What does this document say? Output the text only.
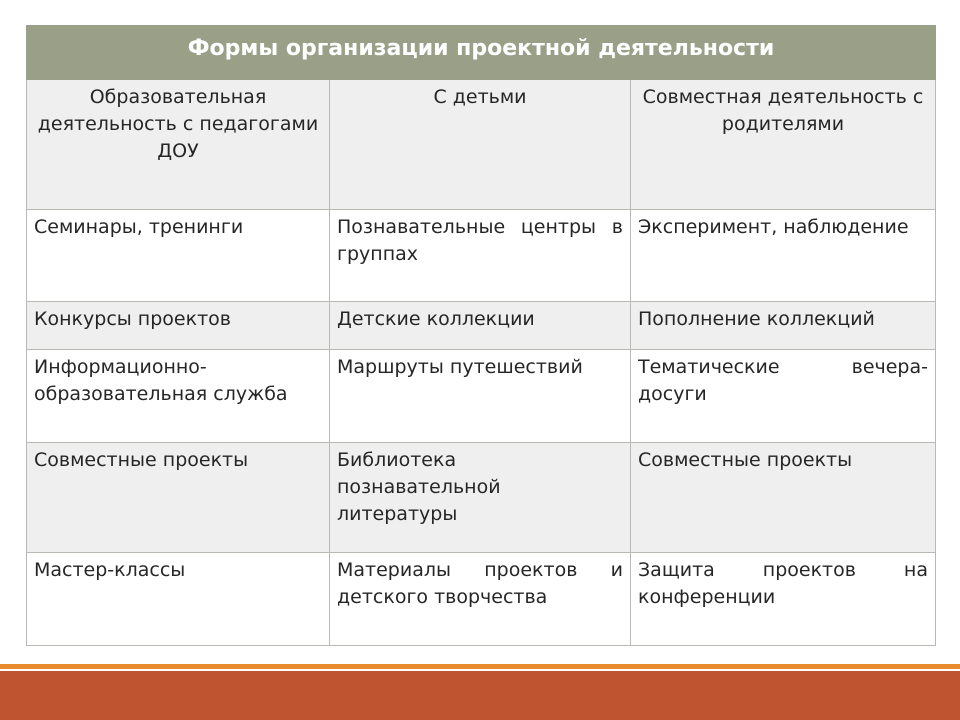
Формы организации проектной деятельности		
Образовательная деятельность с педагогами ДОУ	С детьми	Совместная деятельность с родителями
Семинары, тренинги	Познавательные центры в группах	Эксперимент, наблюдение
Конкурсы проектов	Детские коллекции	Пополнение коллекций
Информационно-образовательная служба	Маршруты путешествий	Тематические вечера-досуги
Совместные проекты	Библиотека познавательной литературы	Совместные проекты
Мастер-классы	Материалы проектов и детского творчества	Защита проектов на конференции
